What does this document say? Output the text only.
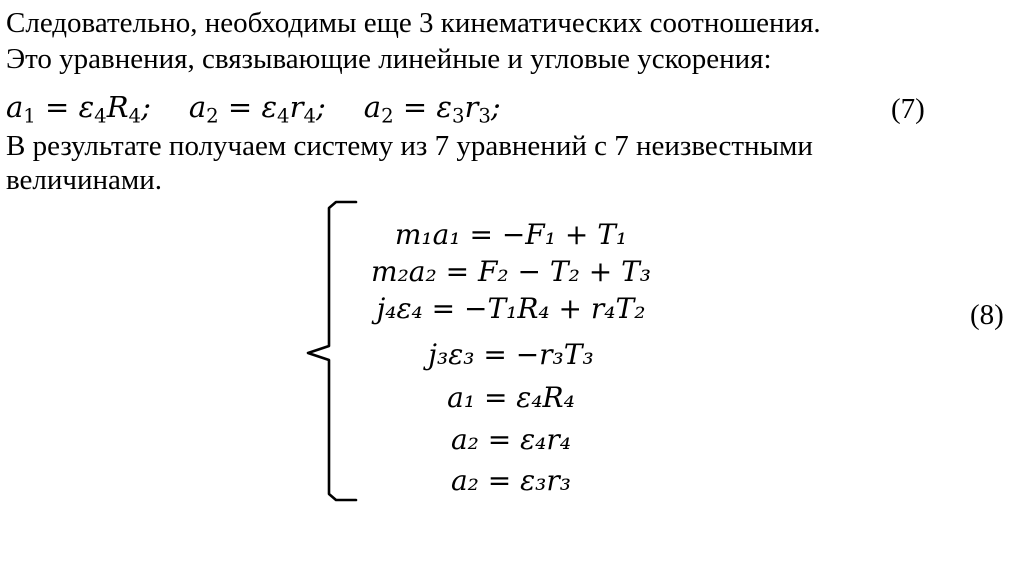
Следовательно, необходимы еще 3 кинематических соотношения.
Это уравнения, связывающие линейные и угловые ускорения:
$a_1 = \varepsilon_4R_4$; $a_2 = \varepsilon_4r_4$; $a_2 = \varepsilon_3r_3$;	(7)
В результате получаем систему из 7 уравнений с 7 неизвестными
величинами.
m₁a₁ = −F₁ + T₁
m₂a₂ = F₂ − T₂ + T₃
j₄ε₄ = −T₁R₄ + r₄T₂
j₃ε₃ = −r₃T₃
a₁ = ε₄R₄
a₂ = ε₄r₄
a₂ = ε₃r₃
(8)
